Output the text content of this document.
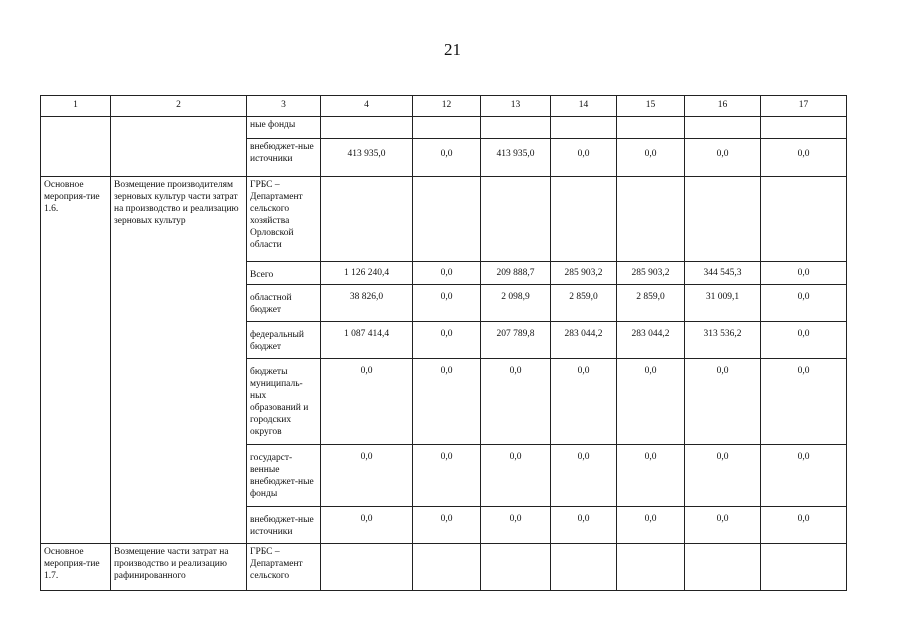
21
1	2	3	4	12	13	14	15	16	17
		ные фонды							
		внебюджет-ные источники	413 935,0	0,0	413 935,0	0,0	0,0	0,0	0,0
Основное мероприя-тие 1.6.	Возмещение производителям зерновых культур части затрат на производство и реализацию зерновых культур	ГРБС – Департамент сельского хозяйства Орловской области							
		Всего	1 126 240,4	0,0	209 888,7	285 903,2	285 903,2	344 545,3	0,0
		областной бюджет	38 826,0	0,0	2 098,9	2 859,0	2 859,0	31 009,1	0,0
		федеральный бюджет	1 087 414,4	0,0	207 789,8	283 044,2	283 044,2	313 536,2	0,0
		бюджеты муниципаль-ных образований и городских округов	0,0	0,0	0,0	0,0	0,0	0,0	0,0
		государст-венные внебюджет-ные фонды	0,0	0,0	0,0	0,0	0,0	0,0	0,0
		внебюджет-ные источники	0,0	0,0	0,0	0,0	0,0	0,0	0,0
Основное мероприя-тие 1.7.	Возмещение части затрат на производство и реализацию рафинированного	ГРБС – Департамент сельского							
